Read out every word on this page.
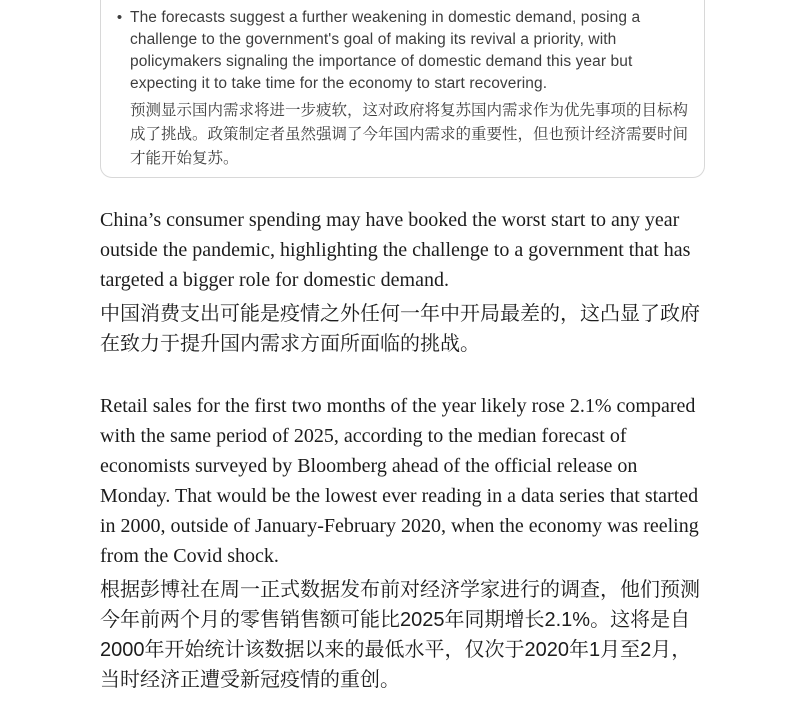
• The forecasts suggest a further weakening in domestic demand, posing a challenge to the government's goal of making its revival a priority, with policymakers signaling the importance of domestic demand this year but expecting it to take time for the economy to start recovering.

预测显示国内需求将进一步疲软，这对政府将复苏国内需求作为优先事项的目标构成了挑战。政策制定者虽然强调了今年国内需求的重要性，但也预计经济需要时间才能开始复苏。

China’s consumer spending may have booked the worst start to any year outside the pandemic, highlighting the challenge to a government that has targeted a bigger role for domestic demand.

中国消费支出可能是疫情之外任何一年中开局最差的，这凸显了政府在致力于提升国内需求方面所面临的挑战。

Retail sales for the first two months of the year likely rose 2.1% compared with the same period of 2025, according to the median forecast of economists surveyed by Bloomberg ahead of the official release on Monday. That would be the lowest ever reading in a data series that started in 2000, outside of January-February 2020, when the economy was reeling from the Covid shock.

根据彭博社在周一正式数据发布前对经济学家进行的调查，他们预测今年前两个月的零售销售额可能比2025年同期增长2.1%。这将是自2000年开始统计该数据以来的最低水平，仅次于2020年1月至2月，当时经济正遭受新冠疫情的重创。
